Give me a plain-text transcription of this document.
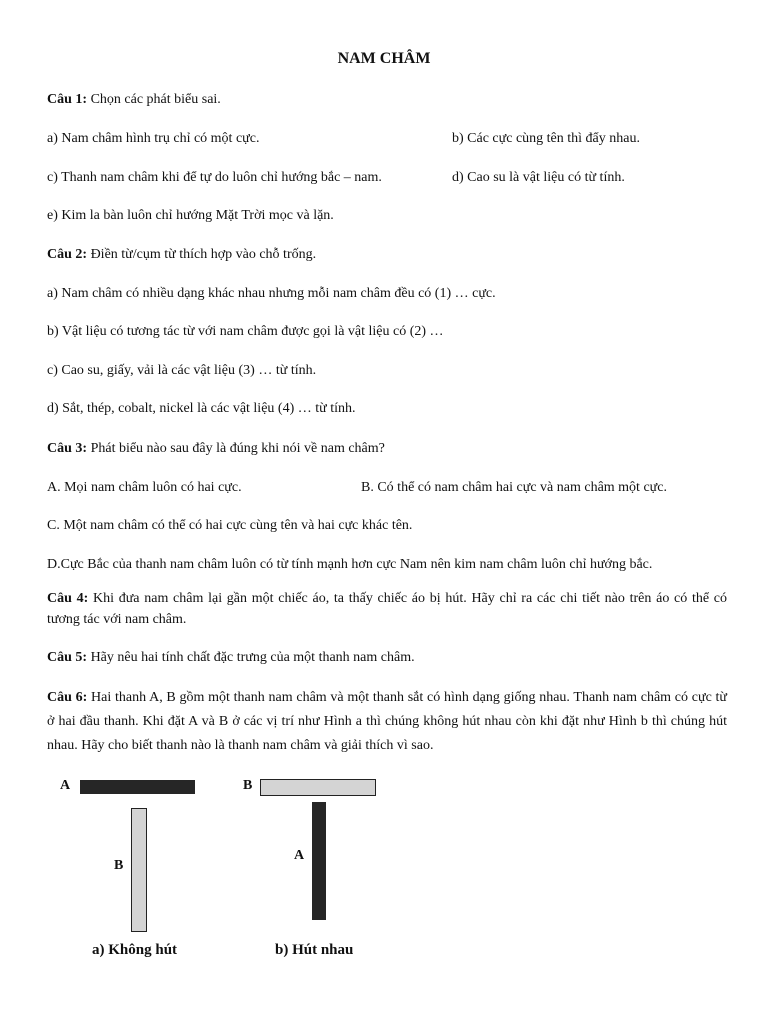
NAM CHÂM
Câu 1: Chọn các phát biểu sai.
a) Nam châm hình trụ chỉ có một cực.	b) Các cực cùng tên thì đẩy nhau.
c) Thanh nam châm khi để tự do luôn chỉ hướng bắc – nam.	d) Cao su là vật liệu có từ tính.
e) Kim la bàn luôn chỉ hướng Mặt Trời mọc và lặn.
Câu 2: Điền từ/cụm từ thích hợp vào chỗ trống.
a) Nam châm có nhiều dạng khác nhau nhưng mỗi nam châm đều có (1) … cực.
b) Vật liệu có tương tác từ với nam châm được gọi là vật liệu có (2) …
c) Cao su, giấy, vải là các vật liệu (3) … từ tính.
d) Sắt, thép, cobalt, nickel là các vật liệu (4) … từ tính.
Câu 3: Phát biểu nào sau đây là đúng khi nói về nam châm?
A. Mọi nam châm luôn có hai cực.	B. Có thể có nam châm hai cực và nam châm một cực.
C. Một nam châm có thể có hai cực cùng tên và hai cực khác tên.
D.Cực Bắc của thanh nam châm luôn có từ tính mạnh hơn cực Nam nên kim nam châm luôn chỉ hướng bắc.
Câu 4: Khi đưa nam châm lại gần một chiếc áo, ta thấy chiếc áo bị hút. Hãy chỉ ra các chi tiết nào trên áo có thể có tương tác với nam châm.
Câu 5: Hãy nêu hai tính chất đặc trưng của một thanh nam châm.
Câu 6: Hai thanh A, B gồm một thanh nam châm và một thanh sắt có hình dạng giống nhau. Thanh nam châm có cực từ ở hai đầu thanh. Khi đặt A và B ở các vị trí như Hình a thì chúng không hút nhau còn khi đặt như Hình b thì chúng hút nhau. Hãy cho biết thanh nào là thanh nam châm và giải thích vì sao.
A
B
a) Không hút
B
A
b) Hút nhau
